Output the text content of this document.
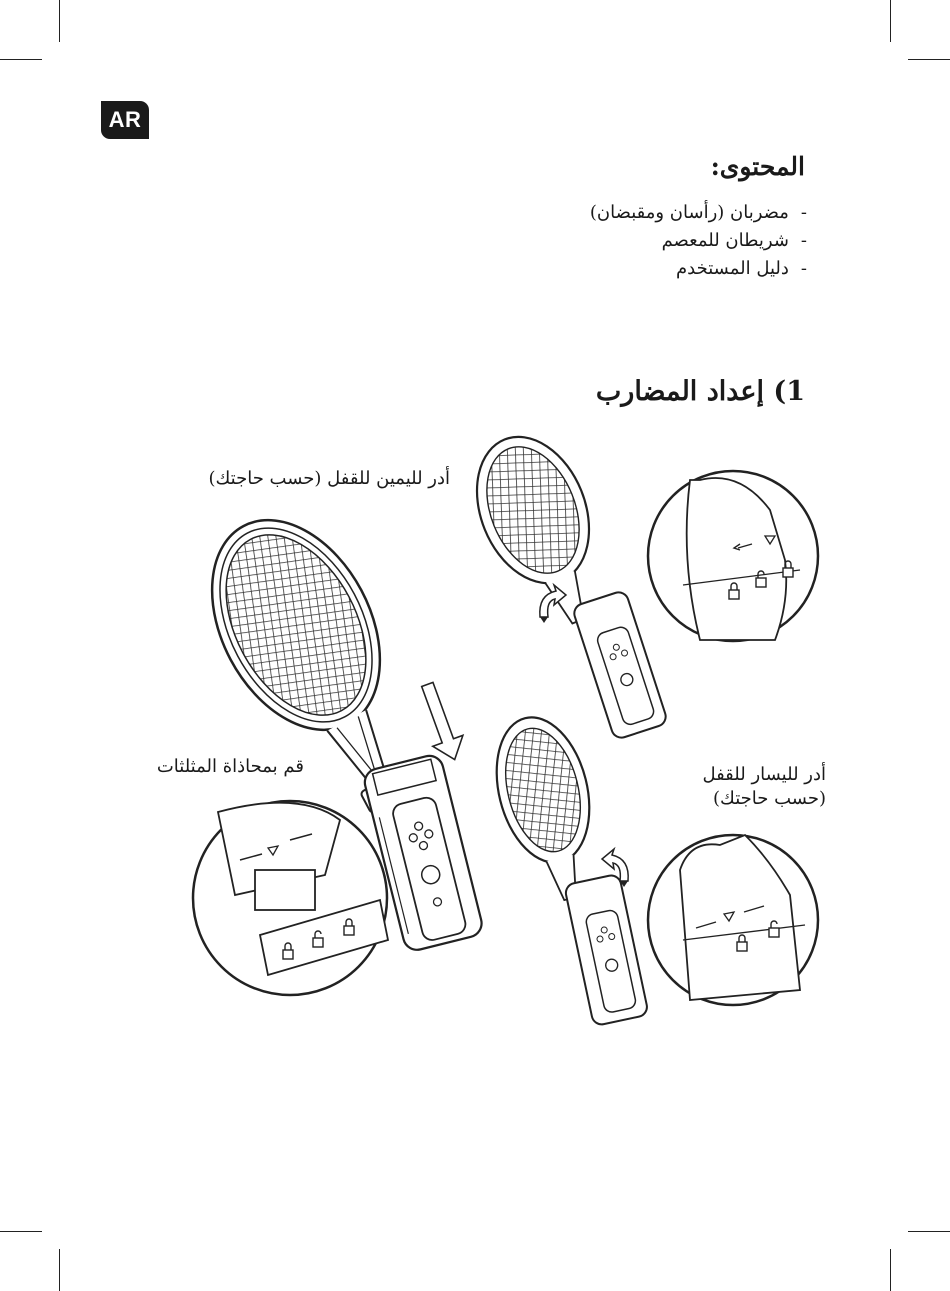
AR
المحتوى:
- مضربان (رأسان ومقبضان)
- شريطان للمعصم
- دليل المستخدم
1) إعداد المضارب
أدر لليمين للقفل (حسب حاجتك)
قم بمحاذاة المثلثات	أدر لليسار للقفل
(حسب حاجتك)
